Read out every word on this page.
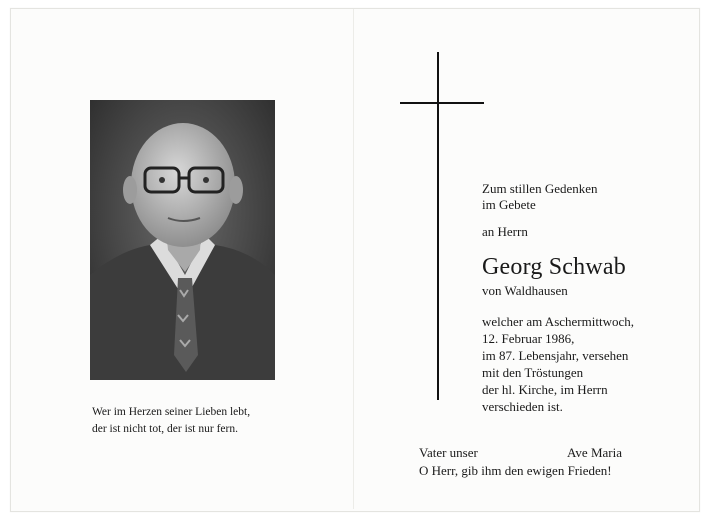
Wer im Herzen seiner Lieben lebt,
der ist nicht tot, der ist nur fern.
Zum stillen Gedenken
im Gebete
an Herrn
Georg Schwab
von Waldhausen
welcher am Aschermittwoch,
12. Februar 1986,
im 87. Lebensjahr, versehen
mit den Tröstungen
der hl. Kirche, im Herrn
verschieden ist.
Vater unser	Ave Maria
O Herr, gib ihm den ewigen Frieden!
